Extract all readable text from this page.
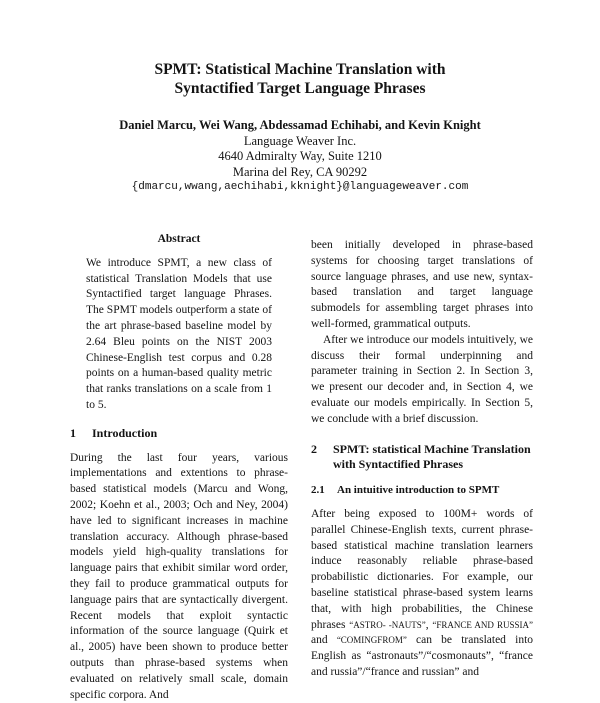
SPMT: Statistical Machine Translation with
Syntactified Target Language Phrases
Daniel Marcu, Wei Wang, Abdessamad Echihabi, and Kevin Knight
Language Weaver Inc.
4640 Admiralty Way, Suite 1210
Marina del Rey, CA 90292
{dmarcu,wwang,aechihabi,kknight}@languageweaver.com
Abstract

We introduce SPMT, a new class of statistical Translation Models that use Syntactified target language Phrases. The SPMT models outperform a state of the art phrase-based baseline model by 2.64 Bleu points on the NIST 2003 Chinese-English test corpus and 0.28 points on a human-based quality metric that ranks translations on a scale from 1 to 5.

1 Introduction

During the last four years, various implementations and extentions to phrase-based statistical models (Marcu and Wong, 2002; Koehn et al., 2003; Och and Ney, 2004) have led to significant increases in machine translation accuracy. Although phrase-based models yield high-quality translations for language pairs that exhibit similar word order, they fail to produce grammatical outputs for language pairs that are syntactically divergent. Recent models that exploit syntactic information of the source language (Quirk et al., 2005) have been shown to produce better outputs than phrase-based systems when evaluated on relatively small scale, domain specific corpora. And

been initially developed in phrase-based systems for choosing target translations of source language phrases, and use new, syntax-based translation and target language submodels for assembling target phrases into well-formed, grammatical outputs.

After we introduce our models intuitively, we discuss their formal underpinning and parameter training in Section 2. In Section 3, we present our decoder and, in Section 4, we evaluate our models empirically. In Section 5, we conclude with a brief discussion.

2	SPMT: statistical Machine Translation with Syntactified Phrases
2.1 An intuitive introduction to SPMT

After being exposed to 100M+ words of parallel Chinese-English texts, current phrase-based statistical machine translation learners induce reasonably reliable phrase-based probabilistic dictionaries. For example, our baseline statistical phrase-based system learns that, with high probabilities, the Chinese phrases “ASTRO- -NAUTS”, “FRANCE AND RUSSIA” and “COMINGFROM” can be translated into English as “astronauts”/“cosmonauts”, “france and russia”/“france and russian” and
